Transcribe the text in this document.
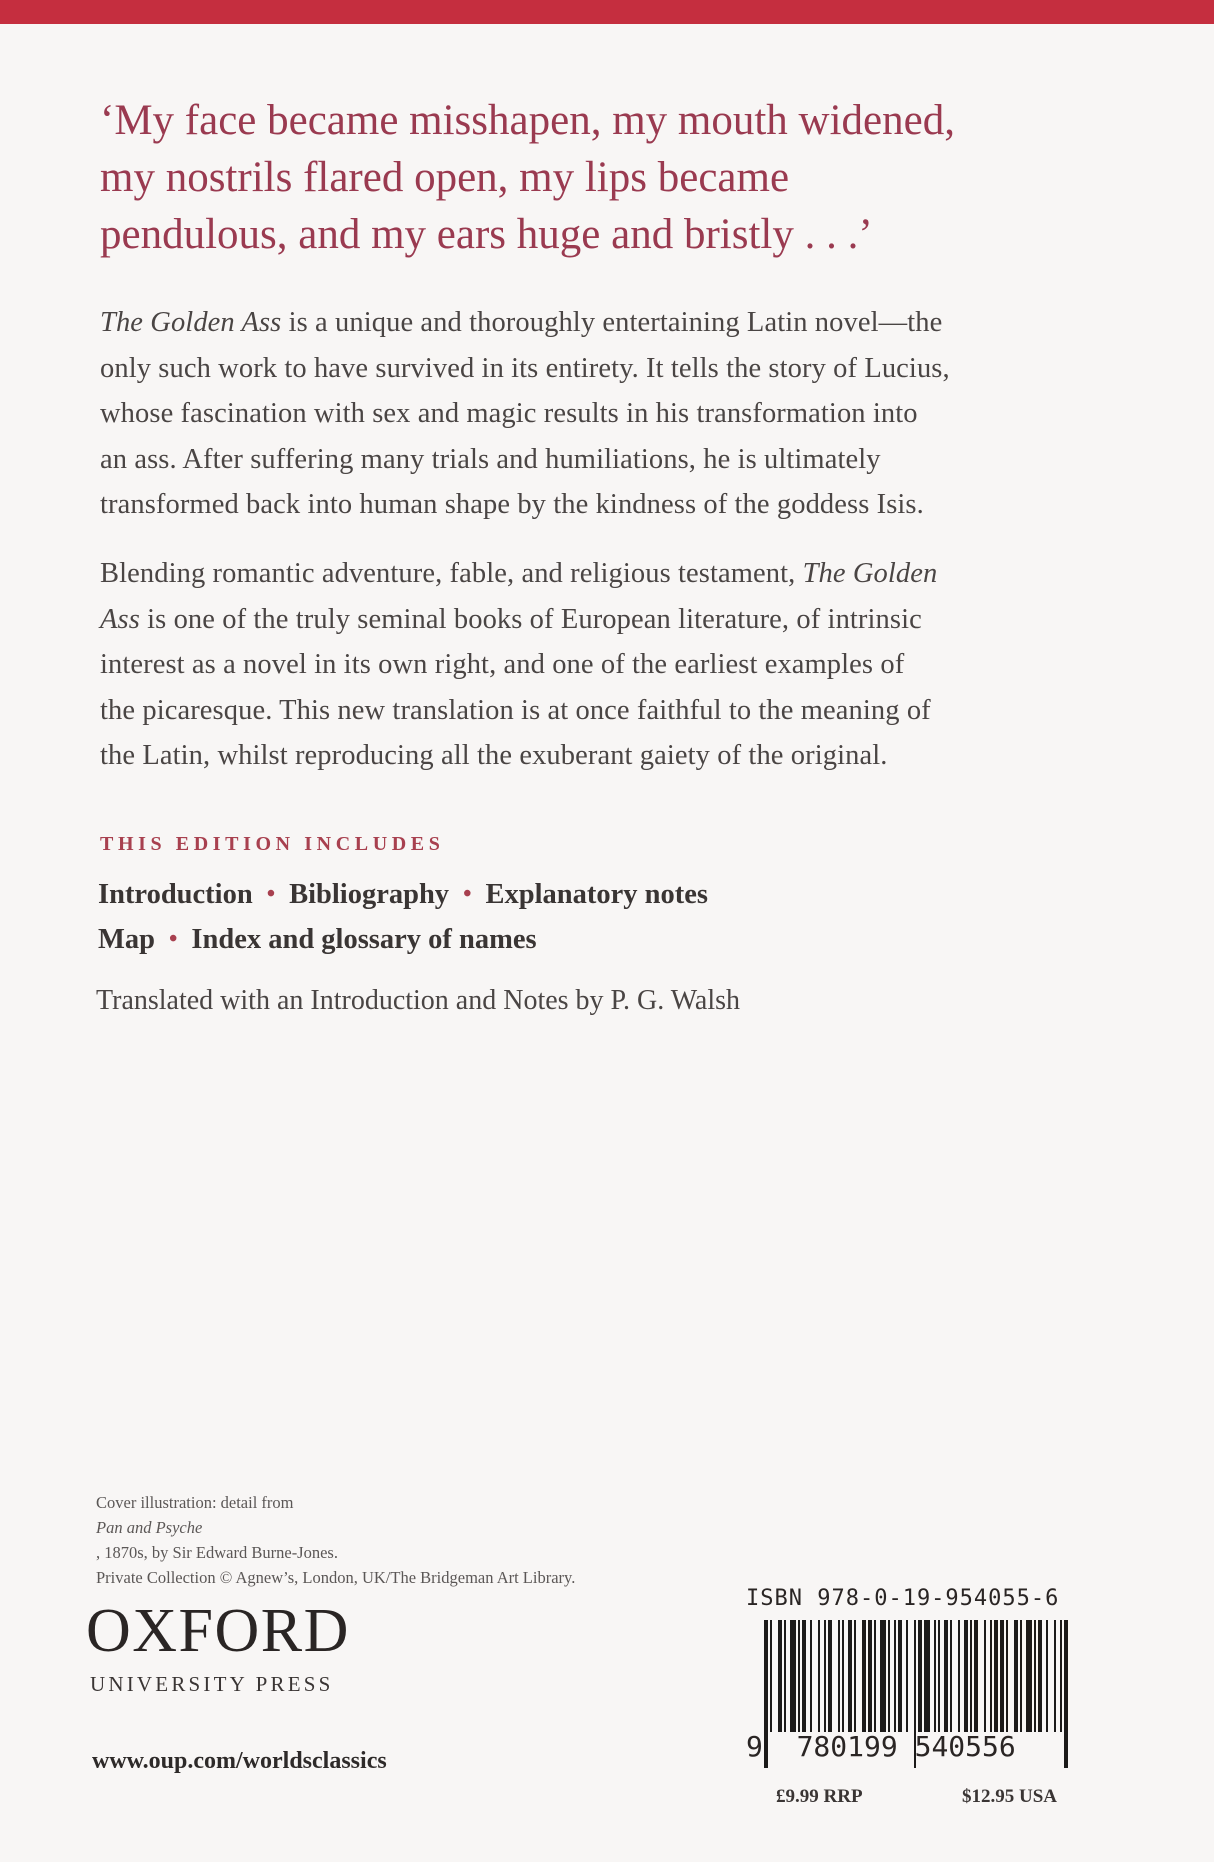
‘My face became misshapen, my mouth widened,
my nostrils flared open, my lips became
pendulous, and my ears huge and bristly . . .’

The Golden Ass is a unique and thoroughly entertaining Latin novel—the
only such work to have survived in its entirety. It tells the story of Lucius,
whose fascination with sex and magic results in his transformation into
an ass. After suffering many trials and humiliations, he is ultimately
transformed back into human shape by the kindness of the goddess Isis.

Blending romantic adventure, fable, and religious testament, The Golden
Ass is one of the truly seminal books of European literature, of intrinsic
interest as a novel in its own right, and one of the earliest examples of
the picaresque. This new translation is at once faithful to the meaning of
the Latin, whilst reproducing all the exuberant gaiety of the original.

THIS EDITION INCLUDES
Introduction • Bibliography • Explanatory notes
Map • Index and glossary of names
Translated with an Introduction and Notes by P. G. Walsh
Cover illustration: detail from
Pan and Psyche
, 1870s, by Sir Edward Burne-Jones.
Private Collection © Agnew’s, London, UK/The Bridgeman Art Library.
OXFORD
UNIVERSITY PRESS
www.oup.com/worldsclassics
ISBN 978-0-19-954055-6
9 780199 540556
£9.99 RRP	$12.95 USA
